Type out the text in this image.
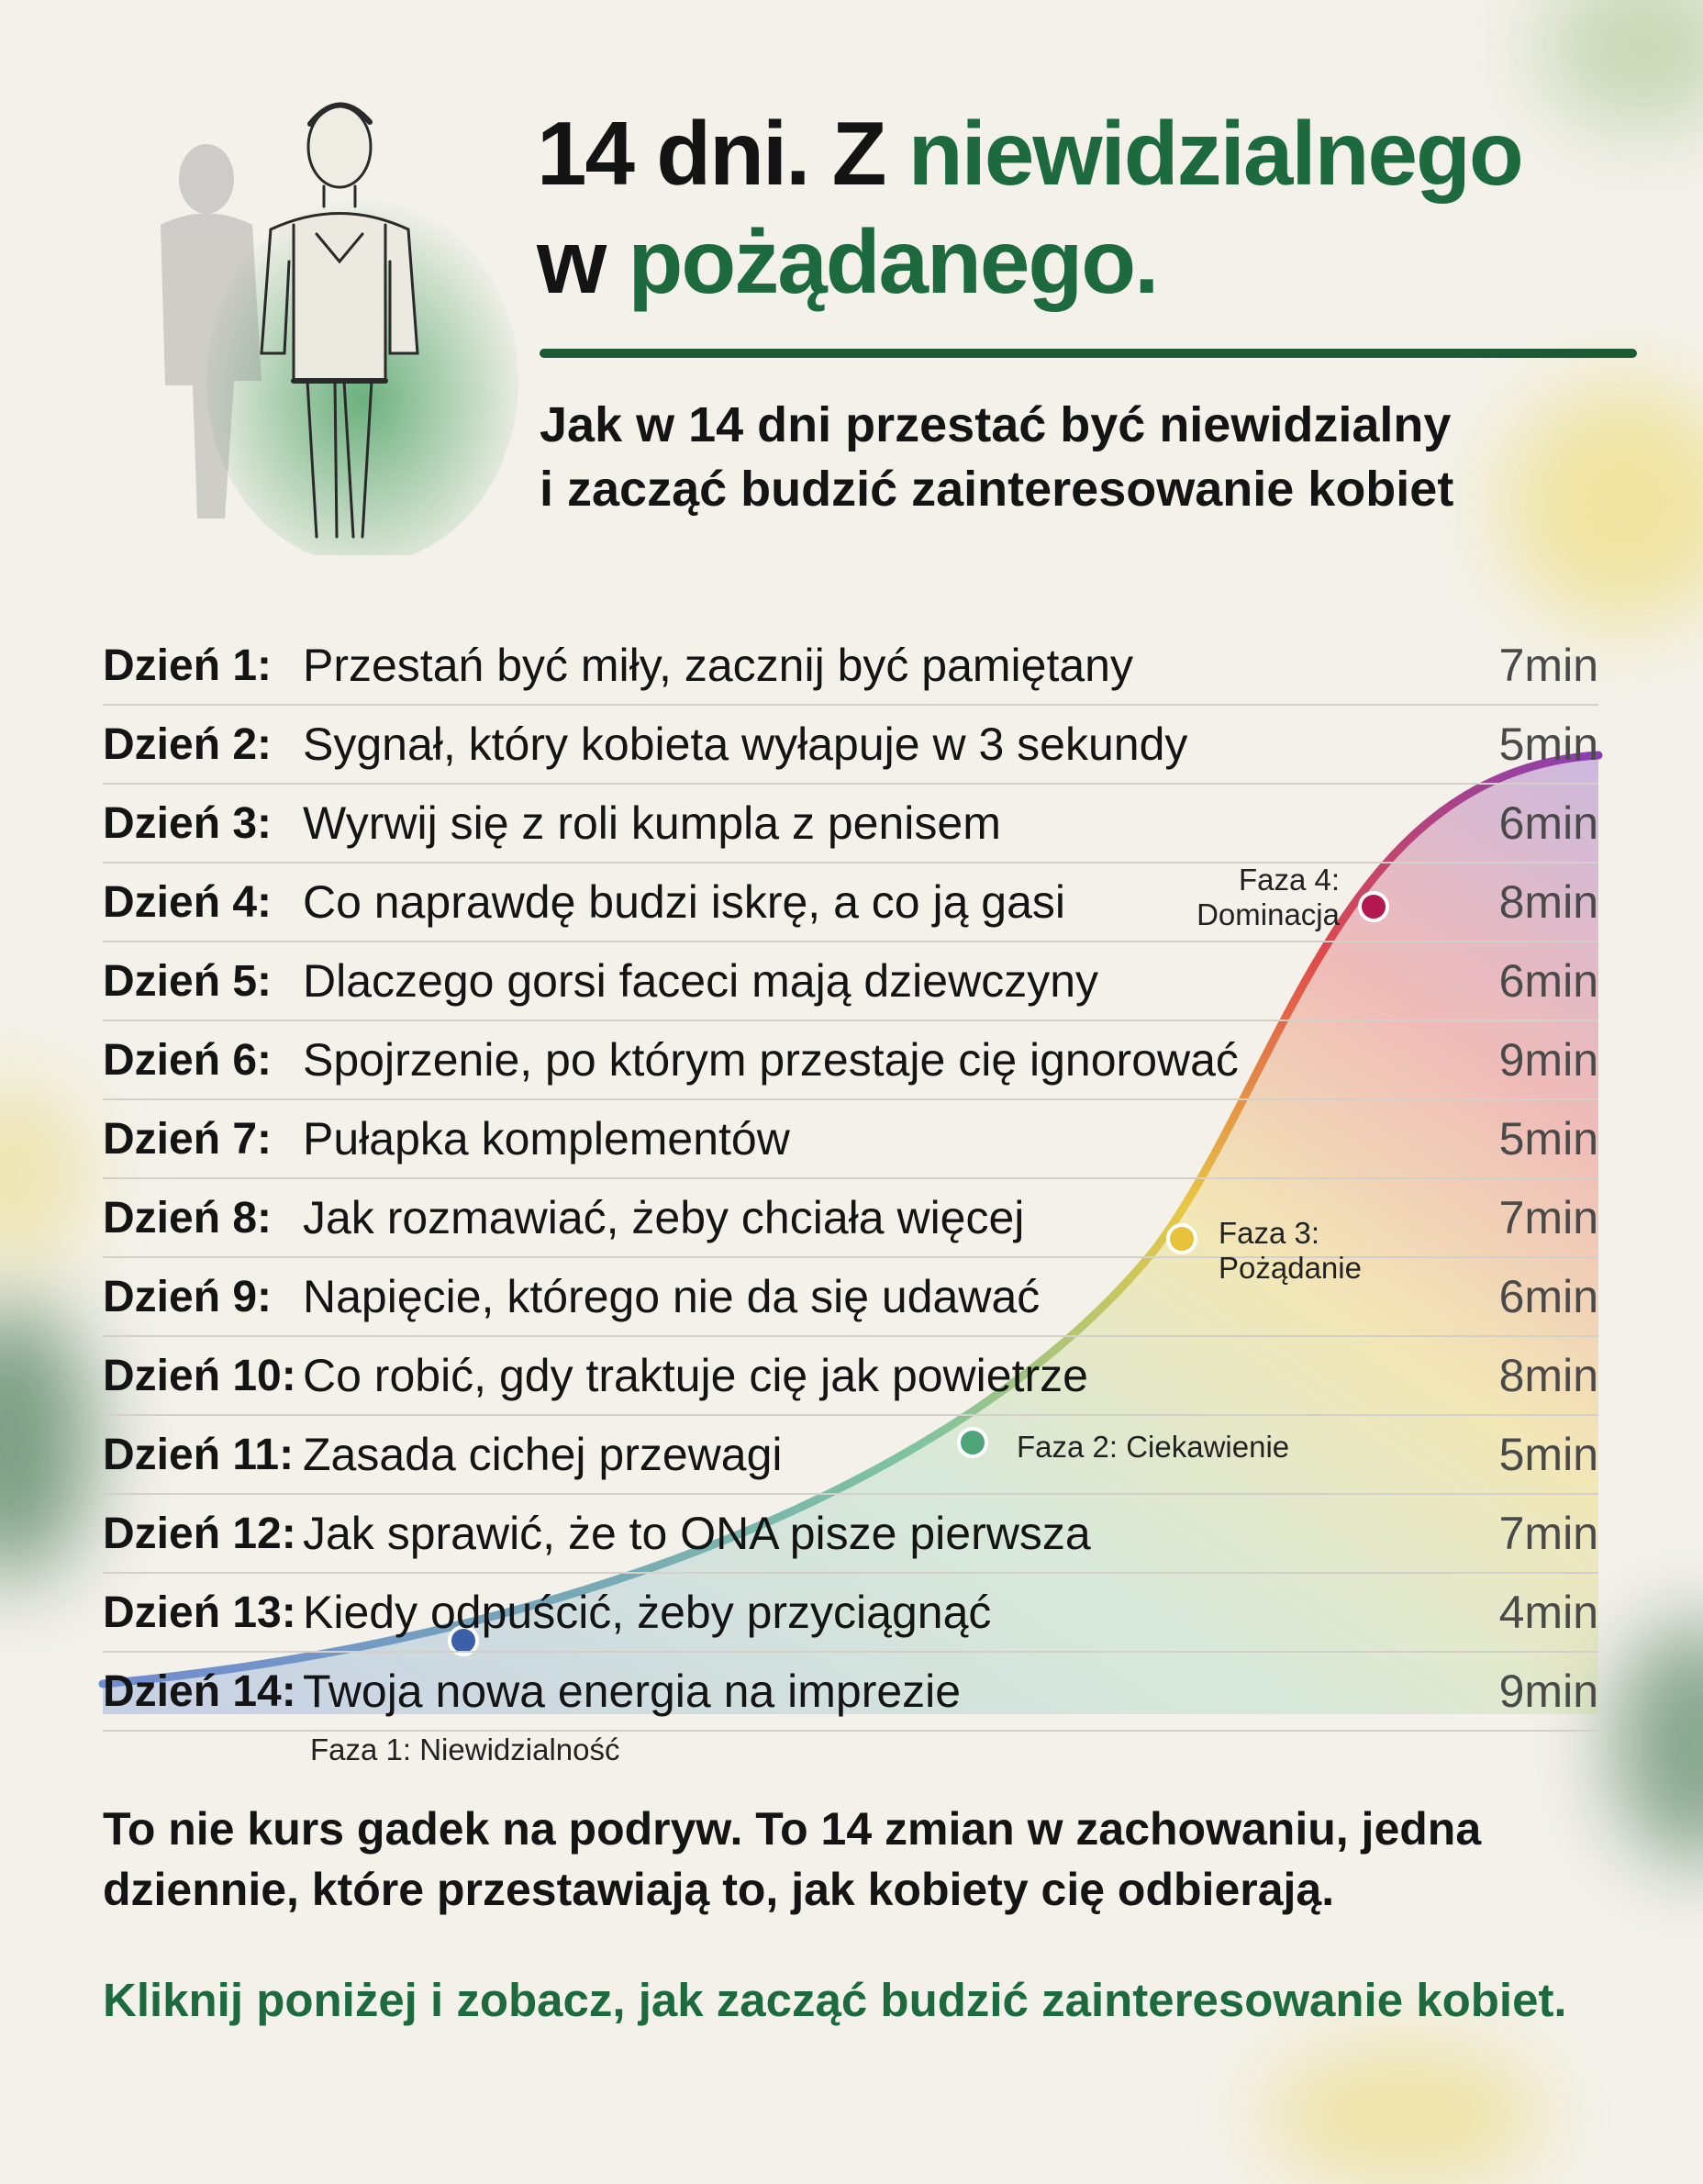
14 dni. Z niewidzialnego
w pożądanego.

Jak w 14 dni przestać być niewidzialny
i zacząć budzić zainteresowanie kobiet

Dzień 1: Przestań być miły, zacznij być pamiętany	7min
Dzień 2: Sygnał, który kobieta wyłapuje w 3 sekundy	5min
Dzień 3: Wyrwij się z roli kumpla z penisem	6min
Dzień 4: Co naprawdę budzi iskrę, a co ją gasi	8min
Dzień 5: Dlaczego gorsi faceci mają dziewczyny	6min
Dzień 6: Spojrzenie, po którym przestaje cię ignorować	9min
Dzień 7: Pułapka komplementów	5min
Dzień 8: Jak rozmawiać, żeby chciała więcej	7min
Dzień 9: Napięcie, którego nie da się udawać	6min
Dzień 10: Co robić, gdy traktuje cię jak powietrze	8min
Dzień 11: Zasada cichej przewagi	5min
Dzień 12: Jak sprawić, że to ONA pisze pierwsza	7min
Dzień 13: Kiedy odpuścić, żeby przyciągnąć	4min
Dzień 14: Twoja nowa energia na imprezie	9min
Faza 1: Niewidzialność
Faza 2: Ciekawienie
Faza 3:
Pożądanie
Faza 4:
Dominacja

To nie kurs gadek na podryw. To 14 zmian w zachowaniu, jedna
dziennie, które przestawiają to, jak kobiety cię odbierają.

Kliknij poniżej i zobacz, jak zacząć budzić zainteresowanie kobiet.
